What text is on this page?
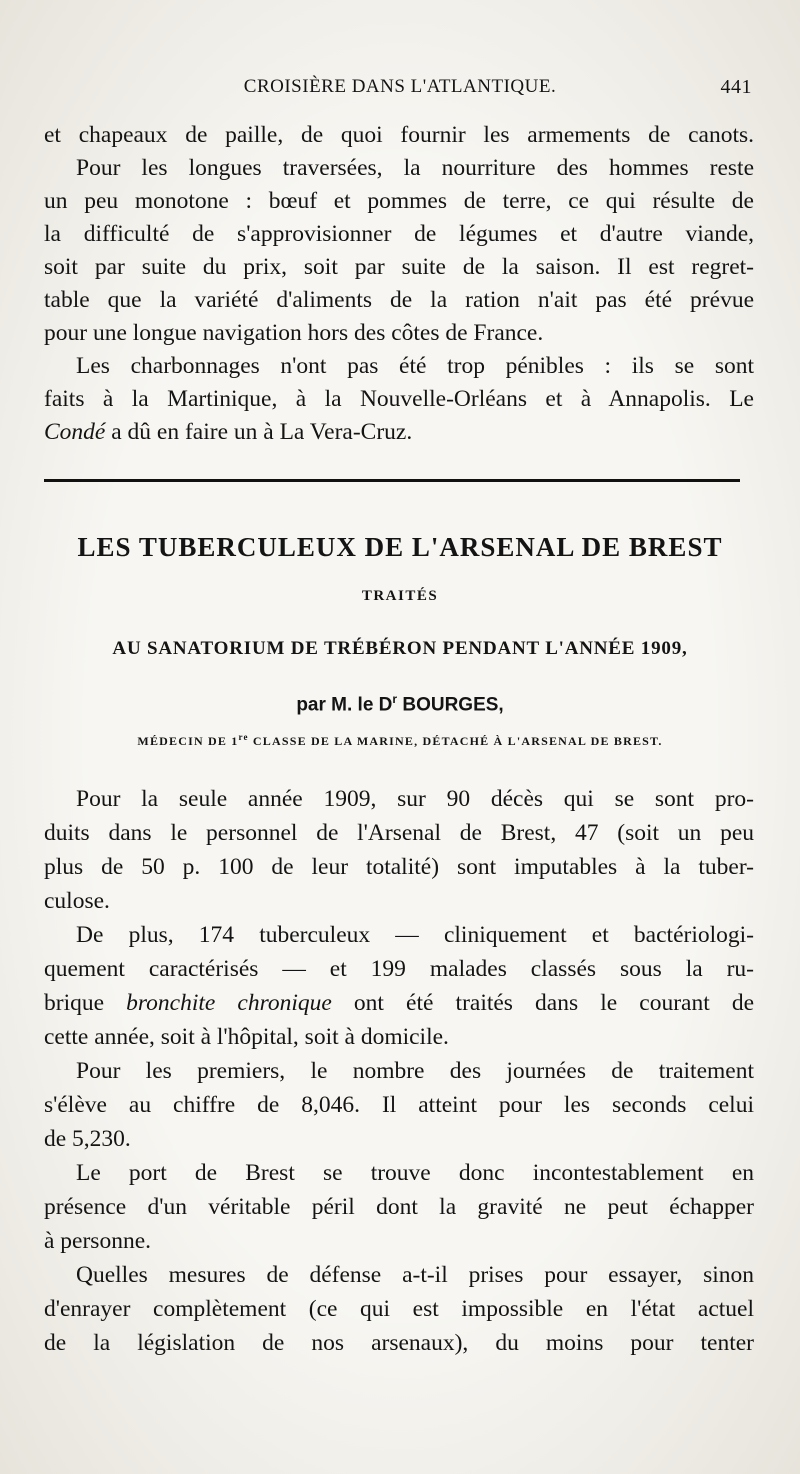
CROISIÈRE DANS L'ATLANTIQUE.	441
et chapeaux de paille, de quoi fournir les armements de canots.
Pour les longues traversées, la nourriture des hommes reste
un peu monotone : bœuf et pommes de terre, ce qui résulte de
la difficulté de s'approvisionner de légumes et d'autre viande,
soit par suite du prix, soit par suite de la saison. Il est regret-
table que la variété d'aliments de la ration n'ait pas été prévue
pour une longue navigation hors des côtes de France.
Les charbonnages n'ont pas été trop pénibles : ils se sont
faits à la Martinique, à la Nouvelle-Orléans et à Annapolis. Le
Condé a dû en faire un à La Vera-Cruz.
LES TUBERCULEUX DE L'ARSENAL DE BREST
TRAITÉS
AU SANATORIUM DE TRÉBÉRON PENDANT L'ANNÉE 1909,
par M. le $D^r$ BOURGES,
MÉDECIN DE 1re CLASSE DE LA MARINE, DÉTACHÉ À L'ARSENAL DE BREST.
Pour la seule année 1909, sur 90 décès qui se sont pro-
duits dans le personnel de l'Arsenal de Brest, 47 (soit un peu
plus de 50 p. 100 de leur totalité) sont imputables à la tuber-
culose.
De plus, 174 tuberculeux — cliniquement et bactériologi-
quement caractérisés — et 199 malades classés sous la ru-
brique bronchite chronique ont été traités dans le courant de
cette année, soit à l'hôpital, soit à domicile.
Pour les premiers, le nombre des journées de traitement
s'élève au chiffre de 8,046. Il atteint pour les seconds celui
de 5,230.
Le port de Brest se trouve donc incontestablement en
présence d'un véritable péril dont la gravité ne peut échapper
à personne.
Quelles mesures de défense a-t-il prises pour essayer, sinon
d'enrayer complètement (ce qui est impossible en l'état actuel
de la législation de nos arsenaux), du moins pour tenter
